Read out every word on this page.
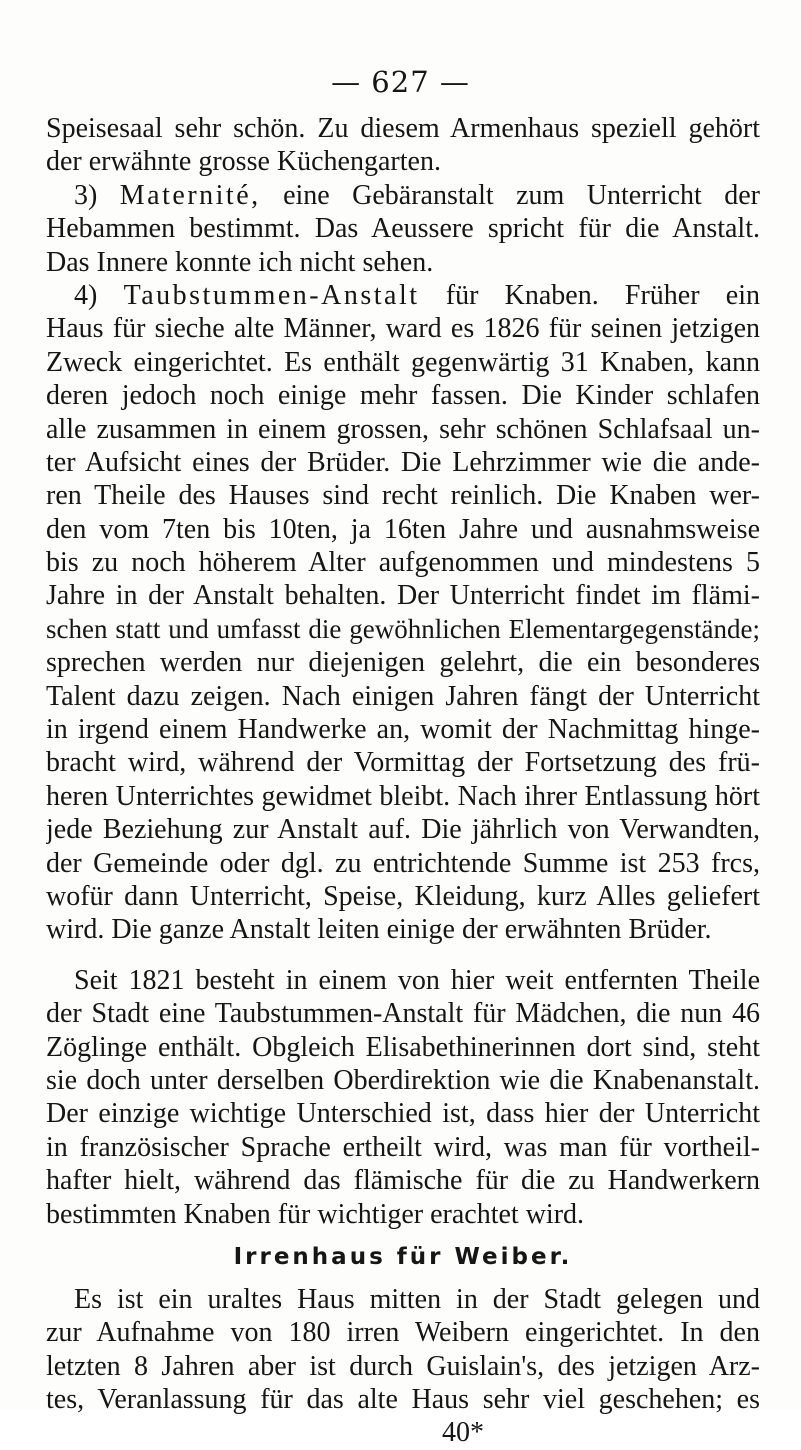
— 627 —
Speisesaal sehr schön. Zu diesem Armenhaus speziell gehört
der erwähnte grosse Küchengarten.
3) Maternité, eine Gebäranstalt zum Unterricht der
Hebammen bestimmt. Das Aeussere spricht für die Anstalt.
Das Innere konnte ich nicht sehen.
4) Taubstummen-Anstalt für Knaben. Früher ein
Haus für sieche alte Männer, ward es 1826 für seinen jetzigen
Zweck eingerichtet. Es enthält gegenwärtig 31 Knaben, kann
deren jedoch noch einige mehr fassen. Die Kinder schlafen
alle zusammen in einem grossen, sehr schönen Schlafsaal un-
ter Aufsicht eines der Brüder. Die Lehrzimmer wie die ande-
ren Theile des Hauses sind recht reinlich. Die Knaben wer-
den vom 7ten bis 10ten, ja 16ten Jahre und ausnahmsweise
bis zu noch höherem Alter aufgenommen und mindestens 5
Jahre in der Anstalt behalten. Der Unterricht findet im flämi-
schen statt und umfasst die gewöhnlichen Elementargegenstände;
sprechen werden nur diejenigen gelehrt, die ein besonderes
Talent dazu zeigen. Nach einigen Jahren fängt der Unterricht
in irgend einem Handwerke an, womit der Nachmittag hinge-
bracht wird, während der Vormittag der Fortsetzung des frü-
heren Unterrichtes gewidmet bleibt. Nach ihrer Entlassung hört
jede Beziehung zur Anstalt auf. Die jährlich von Verwandten,
der Gemeinde oder dgl. zu entrichtende Summe ist 253 frcs,
wofür dann Unterricht, Speise, Kleidung, kurz Alles geliefert
wird. Die ganze Anstalt leiten einige der erwähnten Brüder.
Seit 1821 besteht in einem von hier weit entfernten Theile
der Stadt eine Taubstummen-Anstalt für Mädchen, die nun 46
Zöglinge enthält. Obgleich Elisabethinerinnen dort sind, steht
sie doch unter derselben Oberdirektion wie die Knabenanstalt.
Der einzige wichtige Unterschied ist, dass hier der Unterricht
in französischer Sprache ertheilt wird, was man für vortheil-
hafter hielt, während das flämische für die zu Handwerkern
bestimmten Knaben für wichtiger erachtet wird.
Irrenhaus für Weiber.
Es ist ein uraltes Haus mitten in der Stadt gelegen und
zur Aufnahme von 180 irren Weibern eingerichtet. In den
letzten 8 Jahren aber ist durch Guislain's, des jetzigen Arz-
tes, Veranlassung für das alte Haus sehr viel geschehen; es
40*
